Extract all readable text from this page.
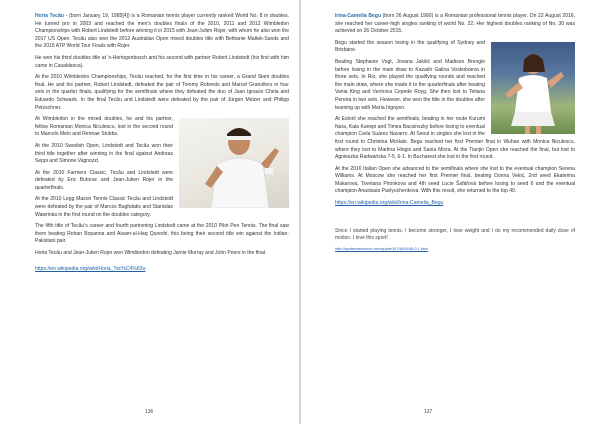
Horia Tecău - (born January 19, 1985[4]) is a Romanian tennis player currently ranked World No. 8 in doubles. He turned pro in 2003 and reached the men's doubles finals of the 2010, 2011 and 2012 Wimbledon Championships with Robert Lindstedt before winning it in 2015 with Jean-Julien Rojer, with whom he also won the 2017 US Open. Tecău also won the 2012 Australian Open mixed doubles title with Bethanie Mattek-Sands and the 2015 ATP World Tour Finals with Rojer.

He won his third doubles title at 's-Hertogenbosch and his second with partner Robert Lindstedt (his first with him came in Casablanca).

At the 2010 Wimbledon Championships, Tecău reached, for the first time in his career, a Grand Slam doubles final. He and his partner, Robert Lindstedt, defeated the pair of Tommy Robredo and Marcel Granollers in four sets in the quarter finals, qualifying for the semifinals where they defeated the duo of Juan Ignacio Chela and Eduardo Schwank. In the final Tecău and Lindstedt were defeated by the pair of Jürgen Melzer and Philipp Petzschner.

At Wimbledon in the mixed doubles, he and his partner, fellow Romanian Monica Niculescu, lost in the second round to Marcelo Melo and Rennae Stubbs.

At the 2010 Swedish Open, Lindstedt and Tecău won their third title together after winning in the final against Andreas Seppi and Simone Vagnozzi.

At the 2010 Farmers Classic, Tecău and Lindstedt were defeated by Eric Butorac and Jean-Julien Rojer in the quarterfinals.

At the 2010 Legg Mason Tennis Classic Tecău and Lindstedt were defeated by the pair of Marcos Baghdatis and Stanislas Wawrinka in the first round on the doubles category.

The fifth title of Tecău's career and fourth partnering Lindstedt came at the 2010 Pilot Pen Tennis. The final saw them beating Rohan Bopanna and Aisam-ul-Haq Qureshi, this being their second title win against the Indian-Pakistani pair.

Horia Tecău and Jean-Julien Rojer won Wimbledon defeating Jamie Murray and John Peers in the final.

https://en.wikipedia.org/wiki/Horia_Tec%C4%83u

136

Irina-Camelia Begu (born 26 August 1990) is a Romanian professional tennis player. On 22 August 2016, she reached her career-high singles ranking of world No. 22. Her highest doubles ranking of No. 30 was achieved on 26 October 2015.

Begu started the season losing in the qualifying of Sydney and Brisbane.

Beating Stephanie Vogt, Jovana Jakšić and Madison Brengle before losing in the main draw to Kazakh Galina Voskoboeva in three sets. In Rio, she played the qualifying rounds and reached the main draw, where she made it to the quarterfinals after beating Vania King and Verónica Cepede Royg. She then lost to Teliana Pereira in two sets. However, she won the title in the doubles after teaming up with María Irigoyen.

At Estoril she reached the semifinals, beating in her route Kurumi Nara, Kaia Kanepi and Timea Bacsinszky before losing to eventual champion Carla Suárez Navarro. At Seoul in singles she lost in the first round to Christina McHale. Begu reached her first Premier final in Wuhan with Monica Niculescu, where they lost to Martina Hingis and Sania Mirza. At the Tianjin Open she reached the final, but lost to Agnieszka Radwańska 7-5, 6-1. In Bucharest she lost in the first round.

At the 2016 Italian Open she advanced to the semifinals where she lost to the eventual champion Serena Williams. At Moscow she reached her first Premier final, beating Donna Vekić, 2nd seed Ekaterina Makarova, Tsvetana Pironkova and 4th seed Lucie Šafářová before losing to seed 6 and the eventual champion Anastasia Pavlyuchenkova. With this result, she returned to the top 40.

https://en.wikipedia.org/wiki/Irina-Camelia_Begu

Since I started playing tennis, I become stronger, I lose weight and I do my recommended daily dose of motion. I love this sport!

http://quotesnewtouch.com/quote/197/4804/48-0-1.html
137
